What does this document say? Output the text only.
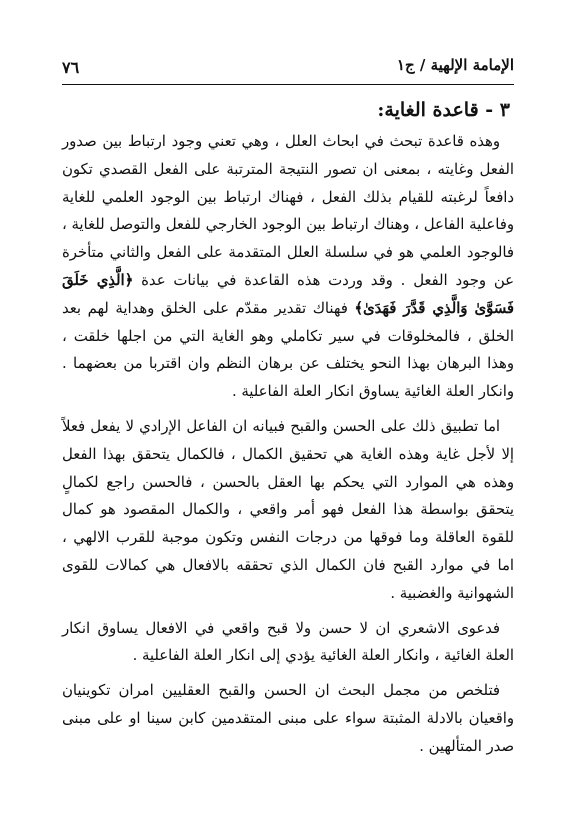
٧٦	الإمامة الإلهية / ج١
٣ - قاعدة الغاية:

وهذه قاعدة تبحث في ابحاث العلل ، وهي تعني وجود ارتباط بين صدور الفعل وغايته ، بمعنى ان تصور النتيجة المترتبة على الفعل القصدي تكون دافعاً لرغبته للقيام بذلك الفعل ، فهناك ارتباط بين الوجود العلمي للغاية وفاعلية الفاعل ، وهناك ارتباط بين الوجود الخارجي للفعل والتوصل للغاية ، فالوجود العلمي هو في سلسلة العلل المتقدمة على الفعل والثاني متأخرة عن وجود الفعل . وقد وردت هذه القاعدة في بيانات عدة ﴿الَّذِي خَلَقَ فَسَوَّىٰ وَالَّذِي قَدَّرَ فَهَدَىٰ﴾ فهناك تقدير مقدّم على الخلق وهداية لهم بعد الخلق ، فالمخلوقات في سير تكاملي وهو الغاية التي من اجلها خلقت ، وهذا البرهان بهذا النحو يختلف عن برهان النظم وان اقتربا من بعضهما . وانكار العلة الغائية يساوق انكار العلة الفاعلية .

اما تطبيق ذلك على الحسن والقبح فبيانه ان الفاعل الإرادي لا يفعل فعلاً إلا لأجل غاية وهذه الغاية هي تحقيق الكمال ، فالكمال يتحقق بهذا الفعل وهذه هي الموارد التي يحكم بها العقل بالحسن ، فالحسن راجع لكمالٍ يتحقق بواسطة هذا الفعل فهو أمر واقعي ، والكمال المقصود هو كمال للقوة العاقلة وما فوقها من درجات النفس وتكون موجبة للقرب الالهي ، اما في موارد القبح فان الكمال الذي تحققه بالافعال هي كمالات للقوى الشهوانية والغضبية .

فدعوى الاشعري ان لا حسن ولا قبح واقعي في الافعال يساوق انكار العلة الغائية ، وانكار العلة الغائية يؤدي إلى انكار العلة الفاعلية .

فتلخص من مجمل البحث ان الحسن والقبح العقليين امران تكوينيان واقعيان بالادلة المثبتة سواء على مبنى المتقدمين كابن سينا او على مبنى صدر المتألهين .
